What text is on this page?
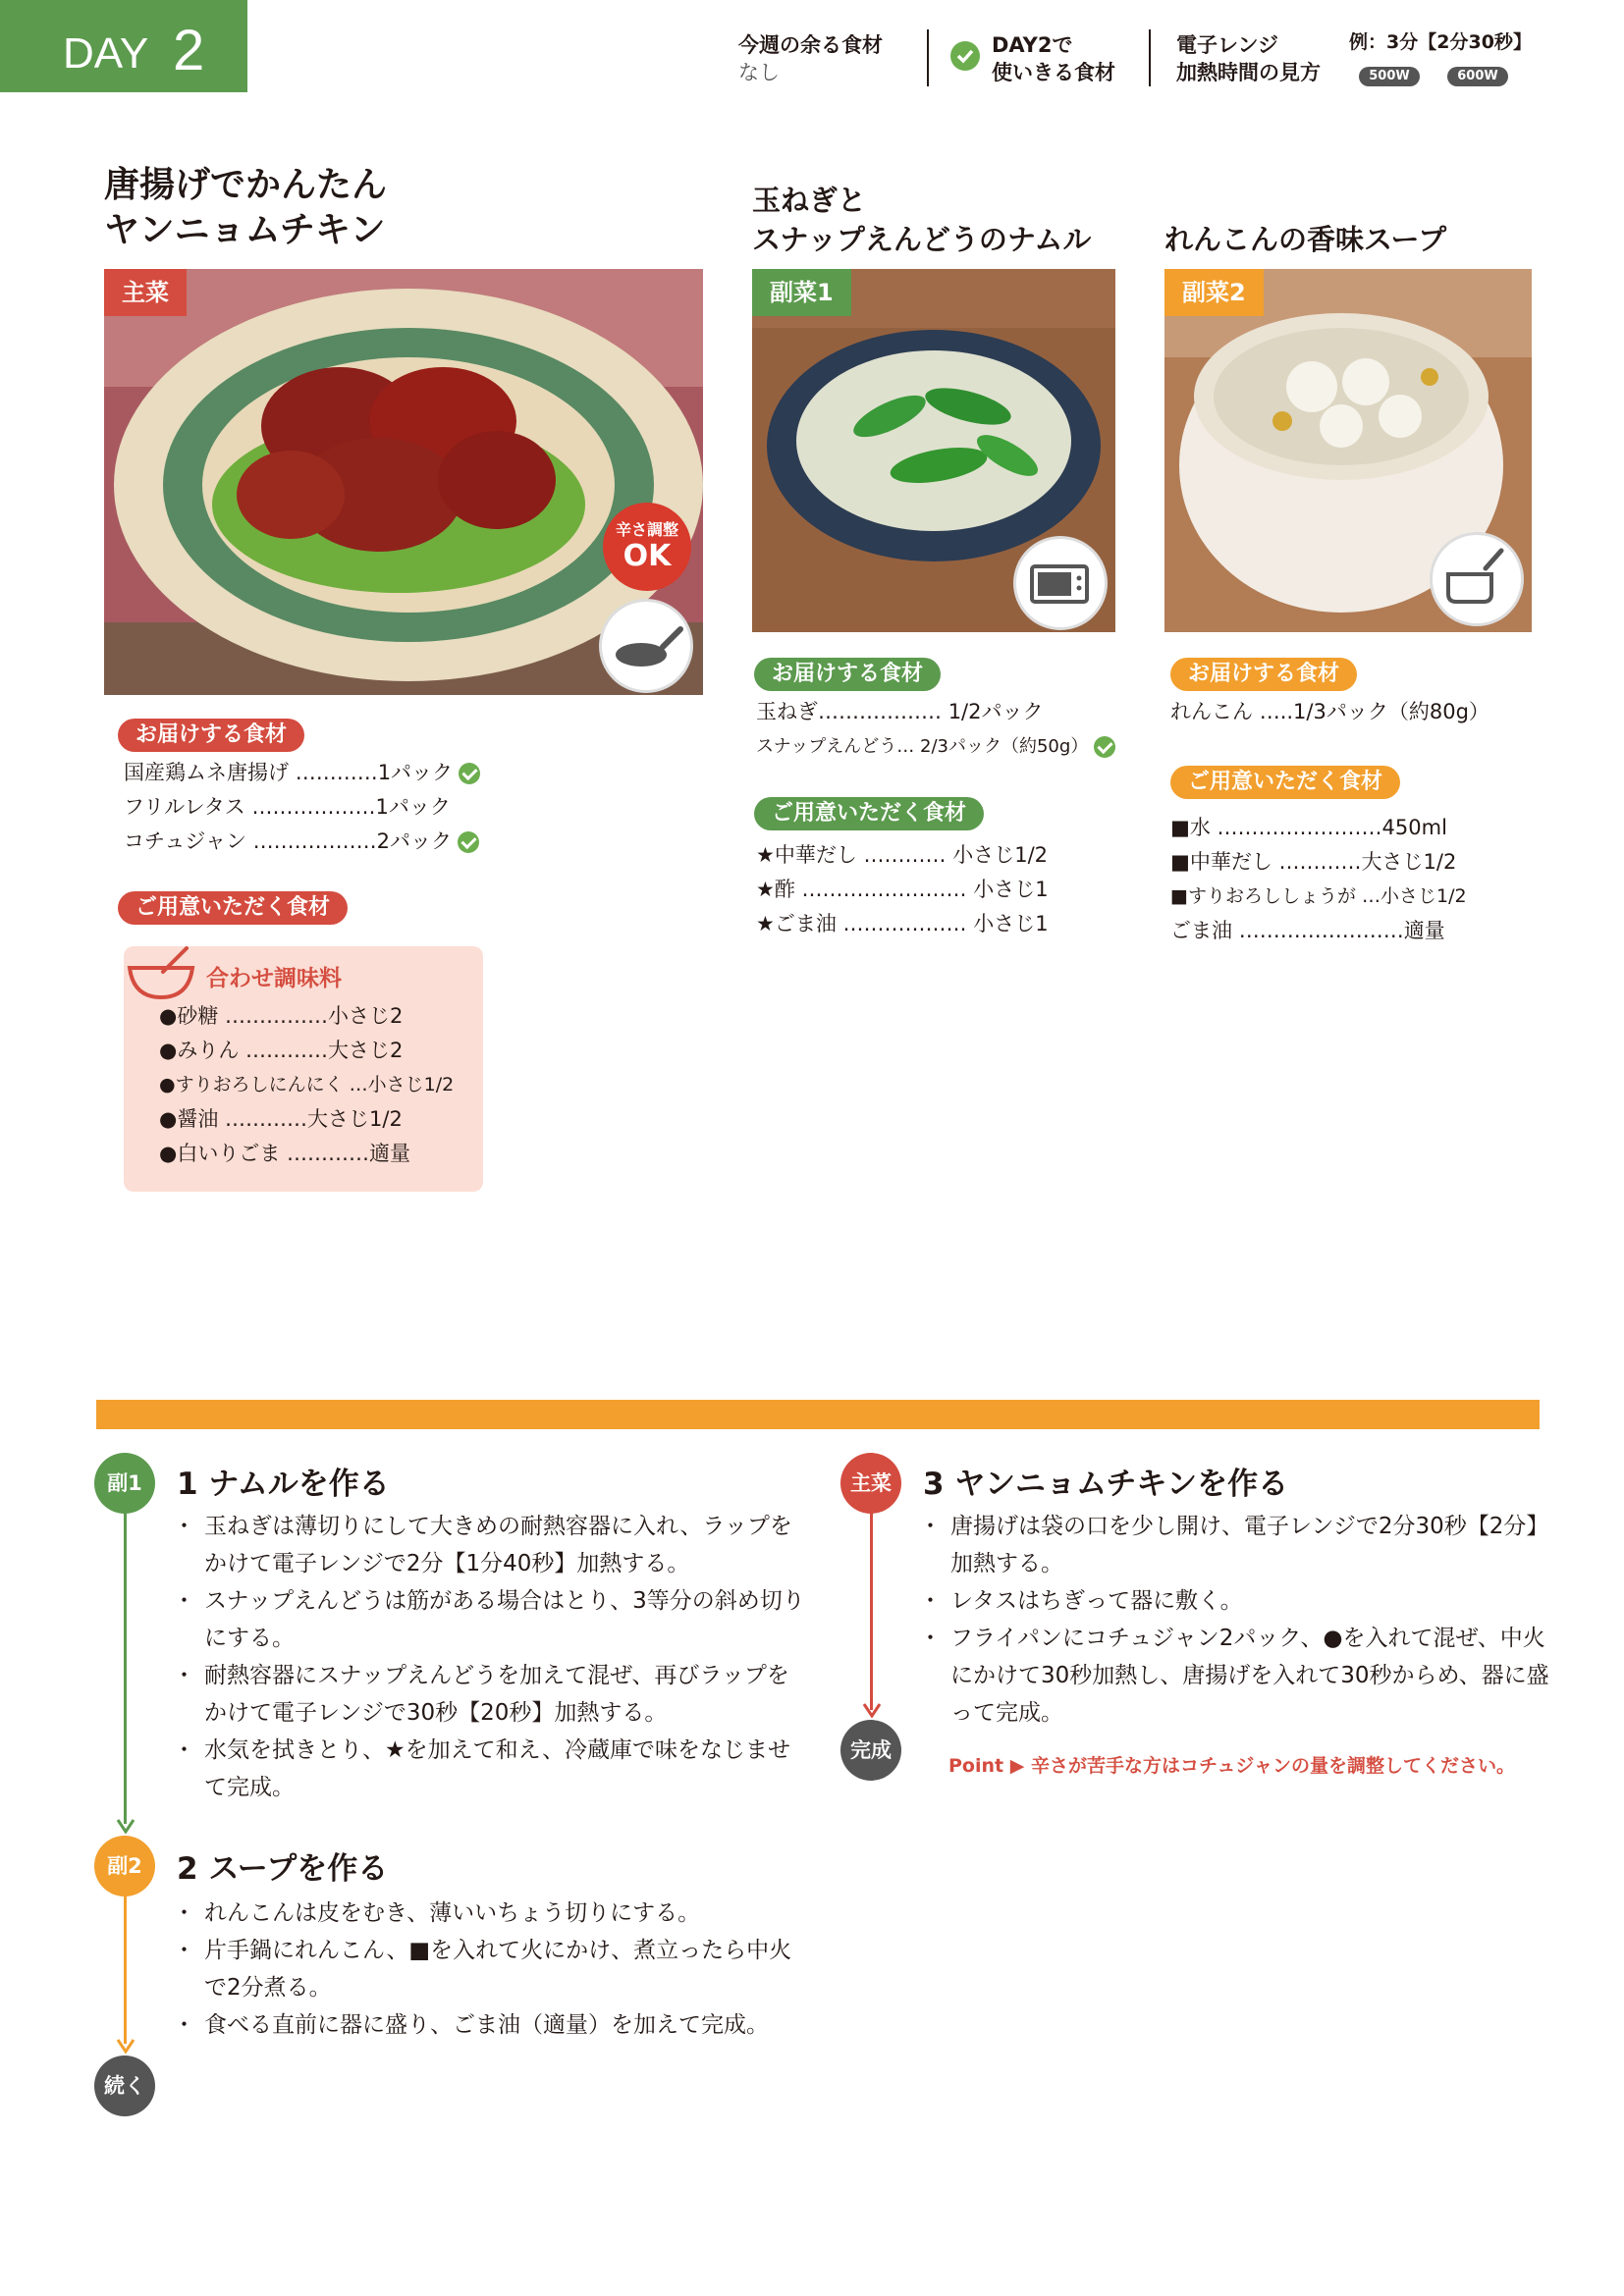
DAY 2	今週の余る食材
なし
DAY2で
使いきる食材
電子レンジ
加熱時間の見方
例：3分【2分30秒】
500W	600W
唐揚げでかんたん
ヤンニョムチキン
主菜
辛さ調整
OK
お届けする食材
国産鶏ムネ唐揚げ …………1パック
フリルレタス ………………1パック
コチュジャン ………………2パック
ご用意いただく食材
合わせ調味料
●砂糖 ……………小さじ2
●みりん …………大さじ2
●すりおろしにんにく …小さじ1/2
●醤油 …………大さじ1/2
●白いりごま …………適量
玉ねぎと
スナップえんどうのナムル
副菜1
お届けする食材
玉ねぎ……………… 1/2パック
スナップえんどう… 2/3パック（約50g）
ご用意いただく食材
★中華だし ………… 小さじ1/2
★酢 …………………… 小さじ1
★ごま油 ……………… 小さじ1
れんこんの香味スープ
副菜2
お届けする食材
れんこん …..1/3パック（約80g）
ご用意いただく食材
■水 ……………………450ml
■中華だし …………大さじ1/2
■すりおろししょうが …小さじ1/2
ごま油 ……………………適量
副1	1 ナムルを作る
・ 玉ねぎは薄切りにして大きめの耐熱容器に入れ、ラップをかけて電子レンジで2分【1分40秒】加熱する。
・ スナップえんどうは筋がある場合はとり、3等分の斜め切りにする。
・ 耐熱容器にスナップえんどうを加えて混ぜ、再びラップをかけて電子レンジで30秒【20秒】加熱する。
・ 水気を拭きとり、★を加えて和え、冷蔵庫で味をなじませて完成。
副2	2 スープを作る
・ れんこんは皮をむき、薄いいちょう切りにする。
・ 片手鍋にれんこん、■を入れて火にかけ、煮立ったら中火で2分煮る。
・ 食べる直前に器に盛り、ごま油（適量）を加えて完成。
続く
主菜	3 ヤンニョムチキンを作る
・ 唐揚げは袋の口を少し開け、電子レンジで2分30秒【2分】加熱する。
・ レタスはちぎって器に敷く。
・ フライパンにコチュジャン2パック、●を入れて混ぜ、中火にかけて30秒加熱し、唐揚げを入れて30秒からめ、器に盛って完成。
Point ▶ 辛さが苦手な方はコチュジャンの量を調整してください。
完成
